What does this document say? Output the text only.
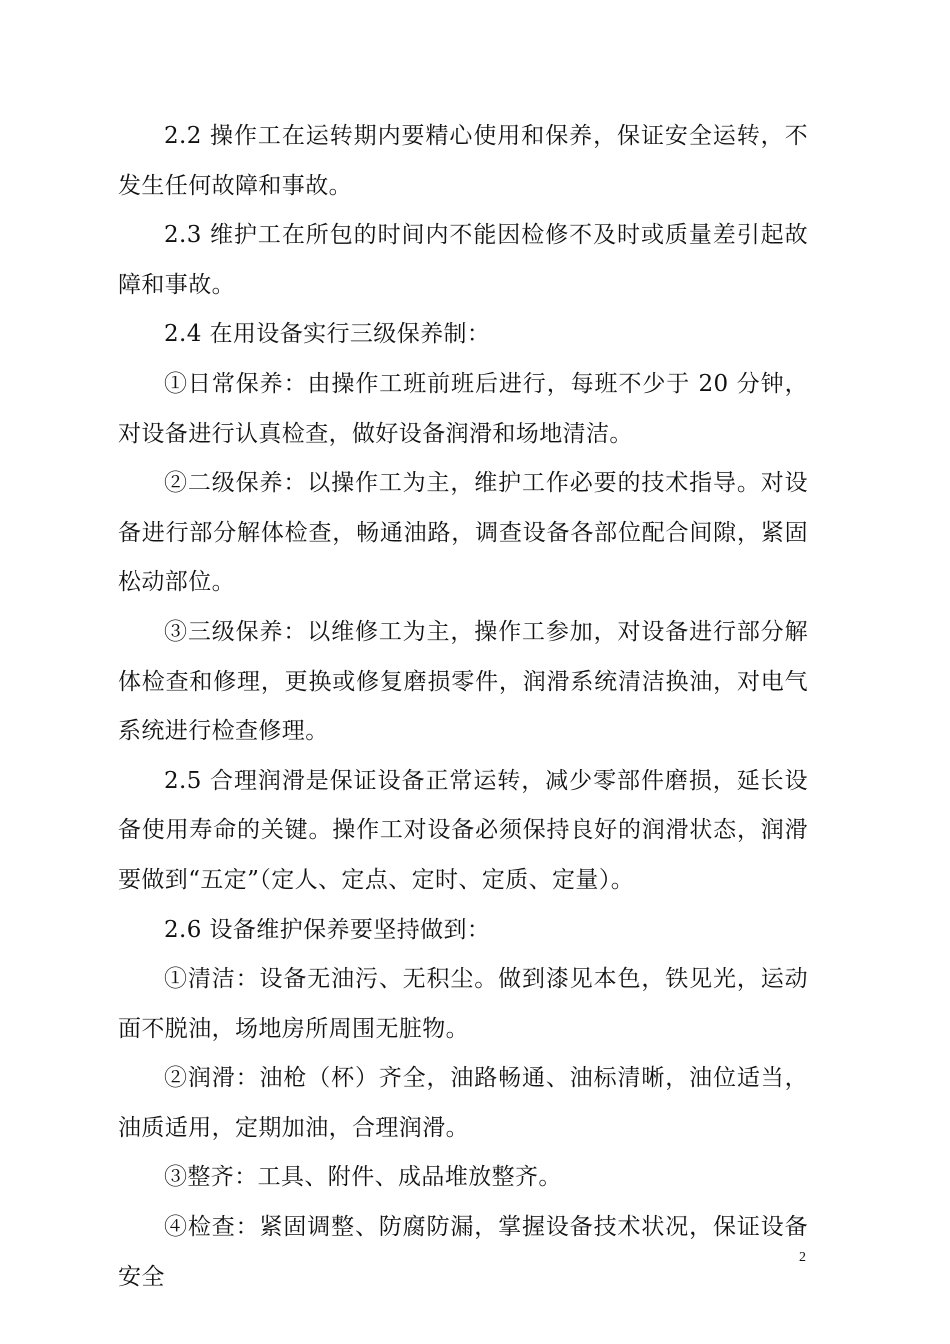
2.2 操作工在运转期内要精心使用和保养，保证安全运转，不发生任何故障和事故。

2.3 维护工在所包的时间内不能因检修不及时或质量差引起故障和事故。

2.4 在用设备实行三级保养制：

①日常保养：由操作工班前班后进行，每班不少于 20 分钟，对设备进行认真检查，做好设备润滑和场地清洁。

②二级保养：以操作工为主，维护工作必要的技术指导。对设备进行部分解体检查，畅通油路，调查设备各部位配合间隙，紧固松动部位。

③三级保养：以维修工为主，操作工参加，对设备进行部分解体检查和修理，更换或修复磨损零件，润滑系统清洁换油，对电气系统进行检查修理。

2.5 合理润滑是保证设备正常运转，减少零部件磨损，延长设备使用寿命的关键。操作工对设备必须保持良好的润滑状态，润滑要做到“五定”（定人、定点、定时、定质、定量）。

2.6 设备维护保养要坚持做到：

①清洁：设备无油污、无积尘。做到漆见本色，铁见光，运动面不脱油，场地房所周围无脏物。

②润滑：油枪（杯）齐全，油路畅通、油标清晰，油位适当，油质适用，定期加油，合理润滑。

③整齐：工具、附件、成品堆放整齐。

④检查：紧固调整、防腐防漏，掌握设备技术状况，保证设备安全

2
